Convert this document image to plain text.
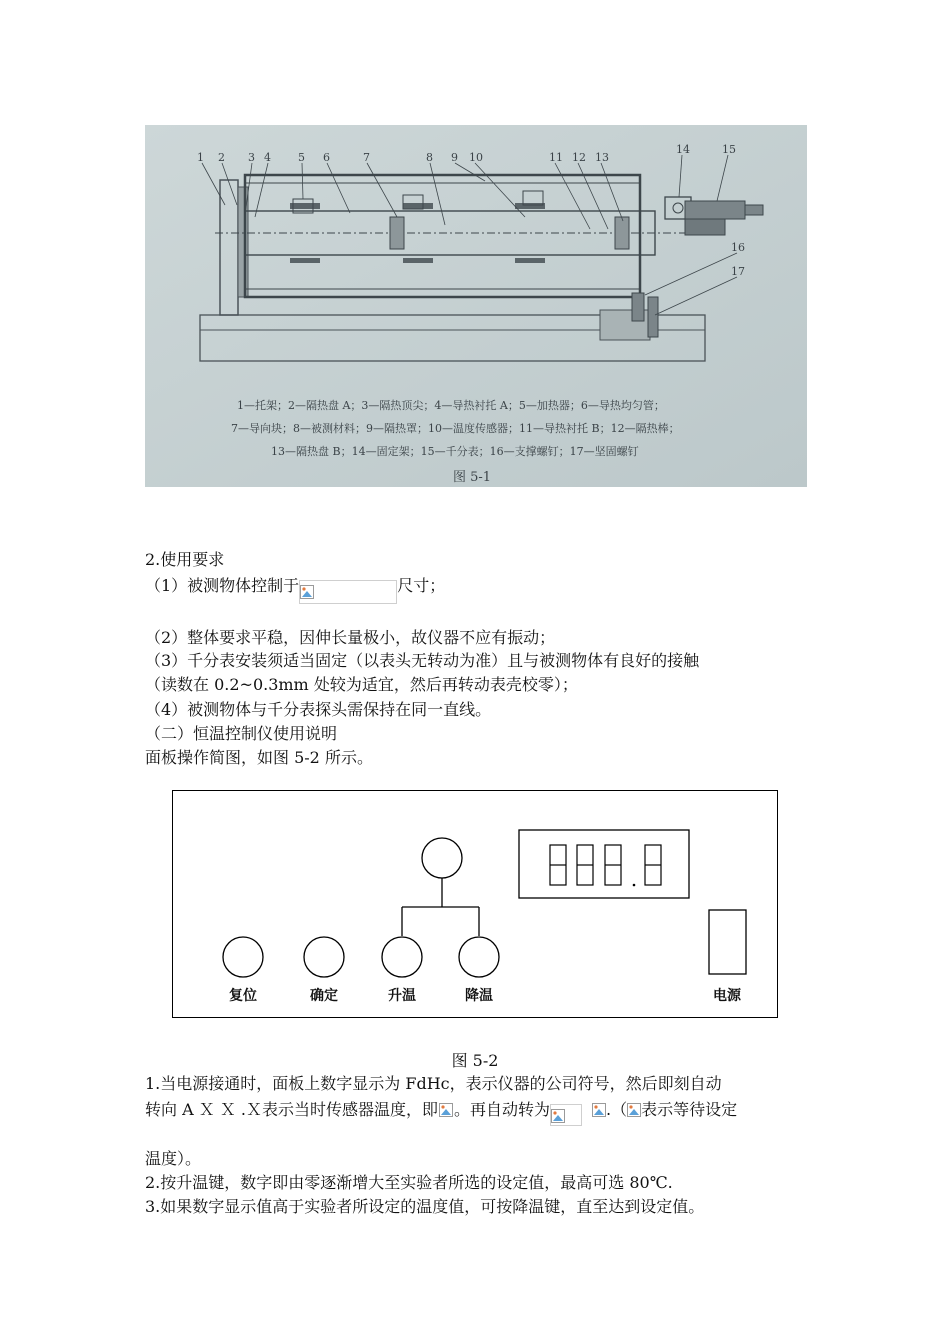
1 2 3 4 5 6	7	8 9 10	11 12 13
14	15
16
17
1—托架；2—隔热盘 A；3—隔热顶尖；4—导热衬托 A；5—加热器；6—导热均匀管；
7—导向块；8—被测材料；9—隔热罩；10—温度传感器；11—导热衬托 B；12—隔热棒；
13—隔热盘 B；14—固定架；15—千分表；16—支撑螺钉；17—坚固螺钉
图 5-1
2.使用要求
（1）被测物体控制于	尺寸；
（2）整体要求平稳，因伸长量极小，故仪器不应有振动；
（3）千分表安装须适当固定（以表头无转动为准）且与被测物体有良好的接触
（读数在 0.2~0.3mm 处较为适宜，然后再转动表壳校零）；
（4）被测物体与千分表探头需保持在同一直线。
（二）恒温控制仪使用说明
面板操作简图，如图 5-2 所示。
复位	确定	升温	降温	电源
图 5-2
1.当电源接通时，面板上数字显示为 FdHc，表示仪器的公司符号，然后即刻自动
转向 A Ｘ Ｘ .Ｘ表示当时传感器温度，即 。再自动转为	.（ 表示等待设定
温度）。
2.按升温键，数字即由零逐渐增大至实验者所选的设定值，最高可选 80℃.
3.如果数字显示值高于实验者所设定的温度值，可按降温键，直至达到设定值。
